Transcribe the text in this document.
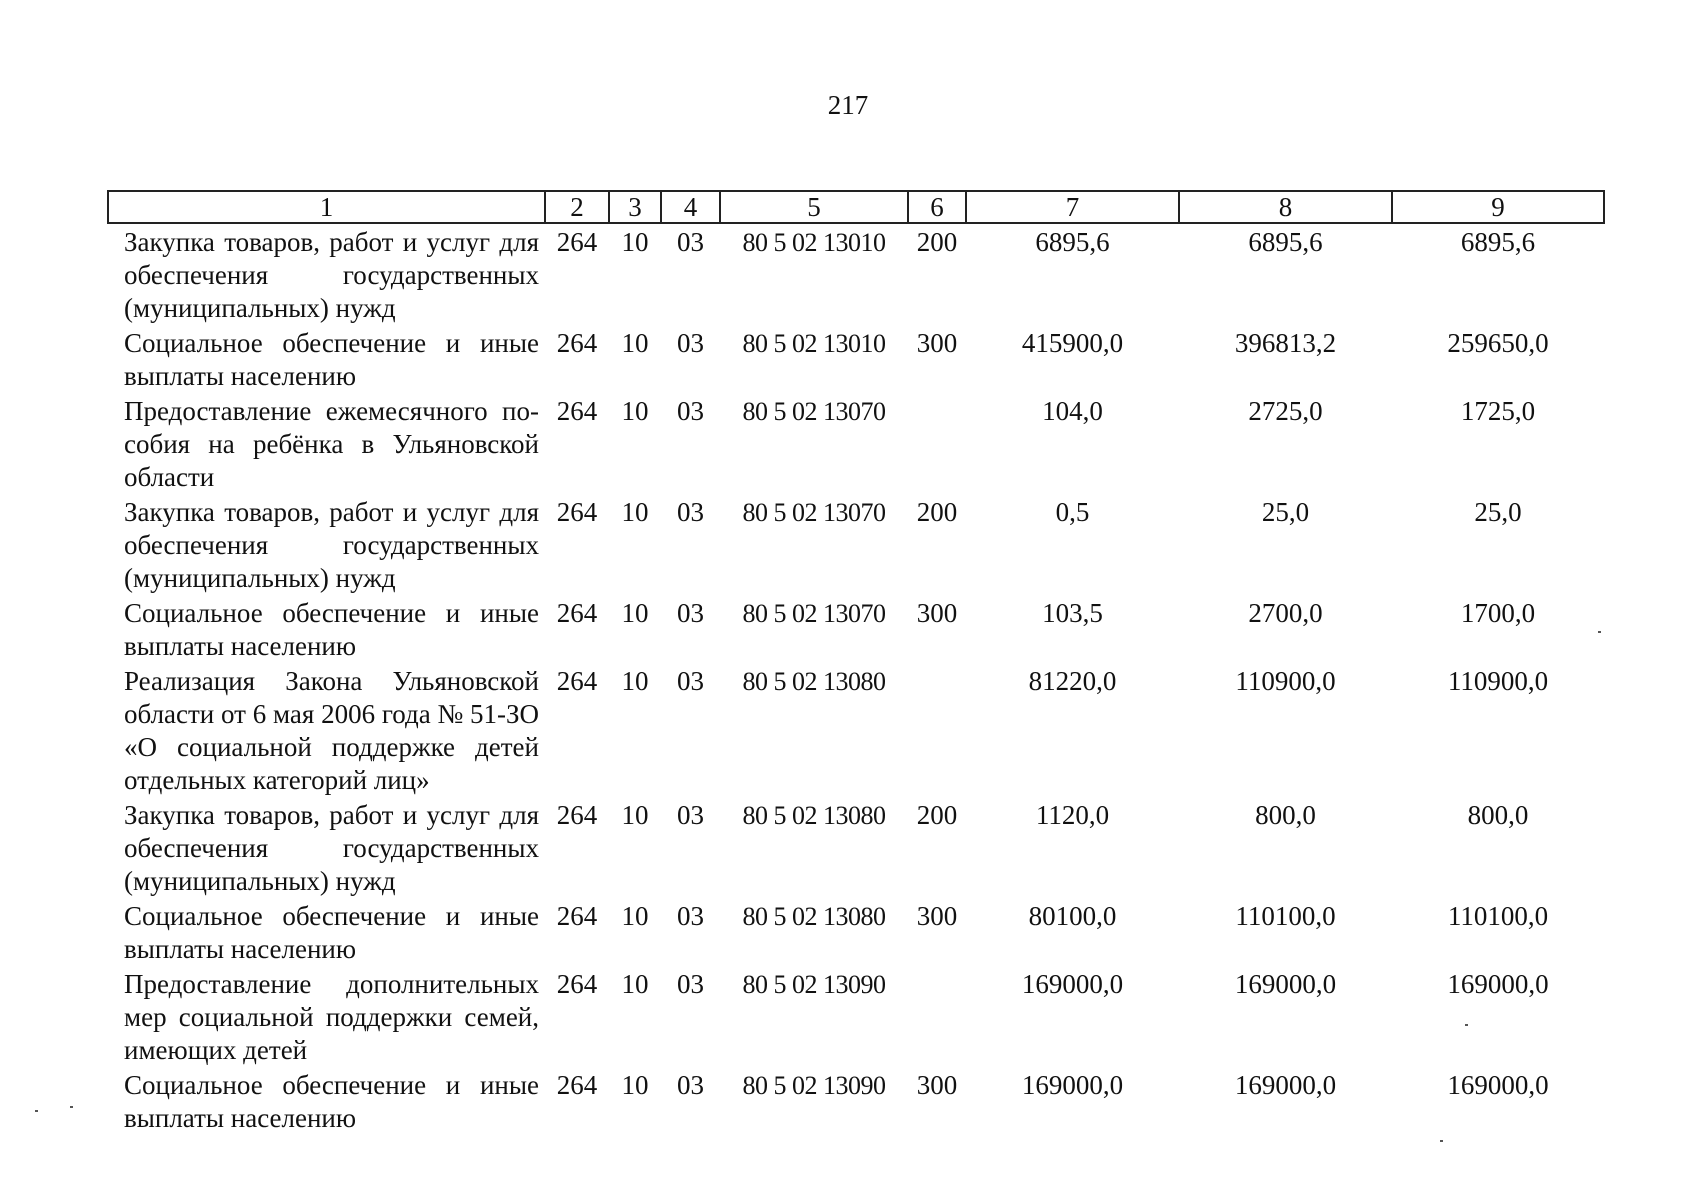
217
1	2	3	4	5	6	7	8	9
Закупка товаров, работ и услуг для обеспечения государственных (муниципальных) нужд	264	10	03	80 5 02 13010	200	6895,6	6895,6	6895,6
Социальное обеспечение и иные выплаты населению	264	10	03	80 5 02 13010	300	415900,0	396813,2	259650,0
Предоставление ежемесячного пособия на ребёнка в Ульяновской области	264	10	03	80 5 02 13070		104,0	2725,0	1725,0
Закупка товаров, работ и услуг для обеспечения государственных (муниципальных) нужд	264	10	03	80 5 02 13070	200	0,5	25,0	25,0
Социальное обеспечение и иные выплаты населению	264	10	03	80 5 02 13070	300	103,5	2700,0	1700,0
Реализация Закона Ульяновской области от 6 мая 2006 года № 51-ЗО «О социальной поддержке детей отдельных категорий лиц»	264	10	03	80 5 02 13080		81220,0	110900,0	110900,0
Закупка товаров, работ и услуг для обеспечения государственных (муниципальных) нужд	264	10	03	80 5 02 13080	200	1120,0	800,0	800,0
Социальное обеспечение и иные выплаты населению	264	10	03	80 5 02 13080	300	80100,0	110100,0	110100,0
Предоставление дополнительных мер социальной поддержки семей, имеющих детей	264	10	03	80 5 02 13090		169000,0	169000,0	169000,0
Социальное обеспечение и иные выплаты населению	264	10	03	80 5 02 13090	300	169000,0	169000,0	169000,0
